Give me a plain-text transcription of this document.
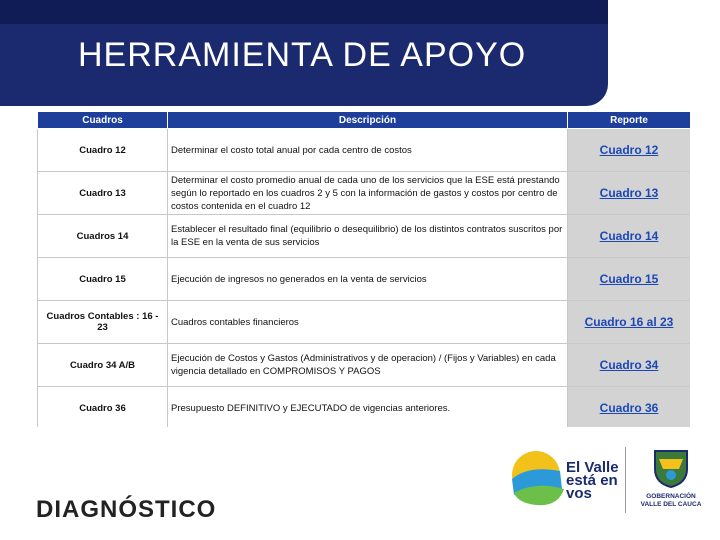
HERRAMIENTA DE APOYO
Cuadros	Descripción	Reporte
Cuadro 12	Determinar el costo total anual por cada centro de costos	Cuadro 12
Cuadro 13	Determinar el costo promedio anual de cada uno de los servicios que la ESE está prestando según lo reportado en los cuadros 2 y 5 con la información de gastos y costos por centro de costos contenida en el cuadro 12	Cuadro 13
Cuadros 14	Establecer el resultado final (equilibrio o desequilibrio) de los distintos contratos suscritos por la ESE en la venta de sus servicios	Cuadro 14
Cuadro 15	Ejecución de ingresos no generados en la venta de servicios	Cuadro 15
Cuadros Contables : 16 - 23	Cuadros contables financieros	Cuadro 16 al 23
Cuadro 34 A/B	Ejecución de Costos y Gastos (Administrativos y de operacion) / (Fijos y Variables) en cada vigencia detallado en COMPROMISOS Y PAGOS	Cuadro 34
Cuadro 36	Presupuesto DEFINITIVO y EJECUTADO de vigencias anteriores.	Cuadro 36
DIAGNÓSTICO
El Valle
está en
vos	GOBERNACIÓN
VALLE DEL CAUCA
